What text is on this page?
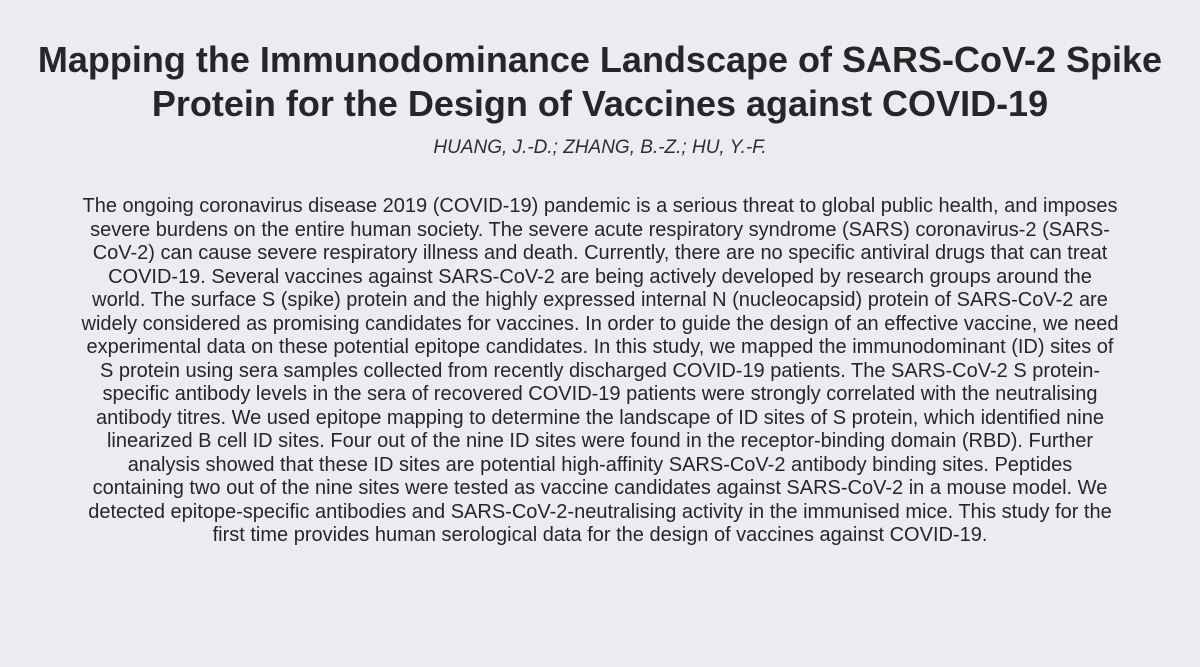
Mapping the Immunodominance Landscape of SARS-CoV-2 Spike Protein for the Design of Vaccines against COVID-19
HUANG, J.-D.; ZHANG, B.-Z.; HU, Y.-F.

The ongoing coronavirus disease 2019 (COVID-19) pandemic is a serious threat to global public health, and imposes severe burdens on the entire human society. The severe acute respiratory syndrome (SARS) coronavirus-2 (SARS-CoV-2) can cause severe respiratory illness and death. Currently, there are no specific antiviral drugs that can treat COVID-19. Several vaccines against SARS-CoV-2 are being actively developed by research groups around the world. The surface S (spike) protein and the highly expressed internal N (nucleocapsid) protein of SARS-CoV-2 are widely considered as promising candidates for vaccines. In order to guide the design of an effective vaccine, we need experimental data on these potential epitope candidates. In this study, we mapped the immunodominant (ID) sites of S protein using sera samples collected from recently discharged COVID-19 patients. The SARS-CoV-2 S protein-specific antibody levels in the sera of recovered COVID-19 patients were strongly correlated with the neutralising antibody titres. We used epitope mapping to determine the landscape of ID sites of S protein, which identified nine linearized B cell ID sites. Four out of the nine ID sites were found in the receptor-binding domain (RBD). Further analysis showed that these ID sites are potential high-affinity SARS-CoV-2 antibody binding sites. Peptides containing two out of the nine sites were tested as vaccine candidates against SARS-CoV-2 in a mouse model. We detected epitope-specific antibodies and SARS-CoV-2-neutralising activity in the immunised mice. This study for the first time provides human serological data for the design of vaccines against COVID-19.
